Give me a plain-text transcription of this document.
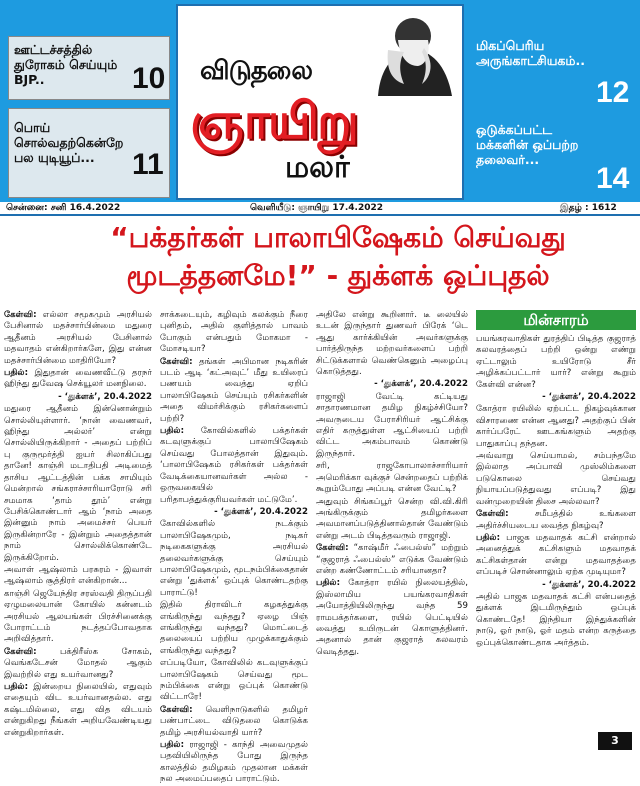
ஊட்டச்சத்தில் துரோகம் செய்யும் BJP..	10
பொய் சொல்வதற்கென்றே பல யுடியூப்...	11
மிகப்பெரிய அருங்காட்சியகம்..
12
ஒடுக்கப்பட்ட மக்களின் ஒப்பற்ற தலைவர்...
14
விடுதலை
ஞாயிறு
மலர்
சென்னை: சனி 16.4.2022	வெளியீடு: ஞாயிறு 17.4.2022	இதழ் : 1612
“பக்தர்கள் பாலாபிஷேகம் செய்வது
மூடத்தனமே!” - துக்ளக் ஒப்புதல்

கேள்வி: எல்லா சமூகமும் அரசியல் பேசினால் மதச்சார்பின்மை மதுரை ஆதீனம் அரசியல் பேசினால் மதவாதம் என்கிறார்களே, இது என்ன மதச்சார்பின்மை மாதிரியோ?

பதில்: இதுதான் வைணவீட்டு தரநர் ஹிந்து துவேஷ செக்யூலர் மனநிலை.

- ‘துக்ளக்’, 20.4.2022

மதுரை ஆதீனம் இன்னொன்றும் சொல்லியுள்ளார். ‘நான் வைணவர், ஹிந்து அல்லர்’ என்று சொல்லியிருக்கிறார் - அதைப் பற்றிப் பு குருமூர்த்தி ஐயர் சிலாகிப்பது தானே! காஞ்சி மடாதிபதி அடிமைத் தாசிய ஆட்டத்தின் பக்க சாமியும் மென்றால் சங்கராச்சாரியாரோடு சரி சமமாக ‘தாம் தூம்’ என்று பேசிக்கொண்டார் ஆம் ‘நாம் அதை இன்னும் நாம் அமைச்சர் பெயர் இருகின்றாரே - இன்றும் அதைத்தான் நாம் சொல்லிக்கொண்டே இருக்கிறோம்.

அவாள் ஆஷ்லாம் பரசுரம் - இவாள் ஆஷ்லாம் சூத்திரர் என்கிறான்...

காஞ்சி ஜெயேந்திர சரஸ்வதி திருப்பதி ஏழுமலையான் கோயில் கன்னடம் அரசியல் ஆலயங்கள் பிரச்சினைக்கு போராட்டம் நடத்தப்போவதாக அறிவித்தார்.

கேள்வி: பக்திரீஸ்க சோகம், வெங்கடேசன் மோதல் ஆகும் இவற்றில் எது உயர்வானது?

பதில்: இன்றைய நிலையில், எதுவும் எதையும் விட உயர்வானதல்ல. எது கஷ்டமில்லை, எது வித விடயம் என்றுகிறது நீங்கள் அறியவேண்டியது என்றுகிறார்கள்.

சாக்கடையும், கழிவும் கலக்கும் நீரை புனிதம், அதில் குளித்தால் பாவம் போகும் என்பதும் மோகமா - மோசடியா?

கேள்வி: தங்கள் அபிமான நடிகரின் படம் ஆடி ‘கட்அவுட்’ மீது உயிரைப் பணயம் வைத்து ஏறிப் பாலாபிஷேகம் செய்யும் ரசிகர்களின் அதை விமர்சிக்கும் ரசிகர்களைப் பற்றி?

பதில்: கோவில்களில் பக்தர்கள் கடவுளுக்குப் பாலாபிஷேகம் செய்வது போலத்தான் இதுவும். ‘பாலாபிஷேகம் ரசிகர்கள் பக்தர்கள் வேடிக்கையானவர்கள் அல்ல - ஒருவகையில் பரிதாபத்துக்குரியவர்கள் மட்டுமே’.

- ‘துக்ளக்’, 20.4.2022

கோவில்களில் நடக்கும் பாலாபிஷேகமும், நடிகர் நடிகைகளுக்கு அரசியல் தலைவர்களுக்கு செய்யும் பாலாபிஷேகமும், மூடநம்பிக்கைதான் என்று ‘துக்ளக்’ ஒப்புக் கொண்டதற்கு பாராட்டு!

இதில் திராவிடர் கழகத்துக்கு எங்கிருந்து வந்தது? ஏழை பிஞ் எங்கிருந்து வந்தது? மொட்டைத் தலையைப் பற்றிய முழுக்காதுக்கும் எங்கிருந்து வந்தது?

எப்படியோ, கோவிலில் கடவுளுக்குப் பாலாபிஷேகம் செய்வது மூட நம்பிக்கை என்று ஒப்புக் கொண்டு விட்டாரே!

கேள்வி: வெளிநாடுகளில் தமிழர் பண்பாட்டை விடுதலை கொடுக்க தமிழ் அரசியல்வாதி யார்?

பதில்: ராஜாஜி - காந்தி அவைமுதல் பதவியிலிருந்த போது இருந்த காலத்தில் தமிழகம் முதலான மக்கள் நல அமைப்பதைப் பாராட்டும்.

அதிலே என்று கூறினார். டீ லையில் உடன் இருந்தார் துணவர் பிரேக் ‘டெ ஆது கார்க்கியின் அவர்களுக்கு பார்த்திருந்த மற்றவர்களைப் பற்றி சிட்டுக்களால் வெண்கெனும் அழைப்பு கொடுத்தது.

- ‘துக்ளக்’, 20.4.2022

ராஜாஜி வேட்டி கட்டியது சாதாரணமான தமிழ நிகழ்ச்சியோ? அவருடைய பேராசிரியர் ஆட்சிக்கு எதிர் கருத்துள்ள ஆட்சியைப் பற்றி விட்ட அகம்பாவம் கொண்டு இருந்தார்.

சரி, ராஜகோபாலாச்சாரியார் அமெரிக்கா வுக்குச் சென்றதைப் பற்றிக் கூறும்போது அப்படி என்ன வேட்டி?

அதுவும் சிங்கப்பூர் சென்ற வி.வி.கிரி அங்கிருக்கும் தமிழர்களை அவமானப்படுத்தினால்தான் வேண்டும் என்று அடம் பிடித்தவரும் ராஜாஜி.

கேள்வி: “காஷ்மீர் ஃபைல்ஸ்” மற்றும் “குஜராத் ஃபைல்ஸ்” எடுக்க வேண்டும் என்ற கண்ணோட்டம் சரியானதா?

பதில்: கோத்ரா ரயில் நிலையத்தில், இஸ்லாமிய பயங்கரவாதிகள் அயோத்தியிலிருந்து வந்த 59 ராமபக்தர்களை, ரயில் பெட்டியில் வைத்து உயிருடன் கொளுத்தினர். அதனால் தான் குஜராத் கலவரம் வெடித்தது.

மின்சாரம்

பயங்கரவாதிகள் துரத்திப் பிடித்த குஜராத் கலவரத்தைப் பற்றி ஒன்று எண்று ஏட்டாலும் உயிரோடு சீர் அழிக்கப்பட்டார் யார்? என்று கூறும் கேள்வி என்ன?

- ‘துக்ளக்’, 20.4.2022

கோத்ரா ரயிலில் ஏற்பட்ட நிகழ்வுக்கான விசாரணை என்ன ஆனது? அதற்குப் பின் கார்ப்பரேட் ஊடகங்களும் அதற்கு பாதுகாப்பு தந்தன.

அவ்வாறு செய்யாமல், சம்பந்தமே இல்லாத அப்பாவி முஸ்லிம்களை படுகொலை செய்வது நியாயப்படுத்துவது எப்படி? இது வன்முறையின் திசை அல்லவா?

கேள்வி: சமீபத்தில் உங்களை அதிர்ச்சியடைய வைத்த நிகழ்வு?

பதில்: பாஜக மதவாதக் கட்சி என்றால் அனைத்துக் கட்சிகளும் மதவாதக் கட்சிகள்தான் என்று மதவாதத்தை எப்படிச் சொன்னாலும் ஏற்க முடியுமா?

- ‘துக்ளக்’, 20.4.2022

அதில் பாஜக மதவாதக் கட்சி என்பதைத் துக்ளக் இடமிருந்தும் ஒப்புக் கொண்டதே! இந்தியா இந்துக்களின் நாடு, ஓர் நாடு, ஓர் மதம் என்ற கருத்தை ஒப்புக்கொண்டதாக அர்த்தம்.

3
